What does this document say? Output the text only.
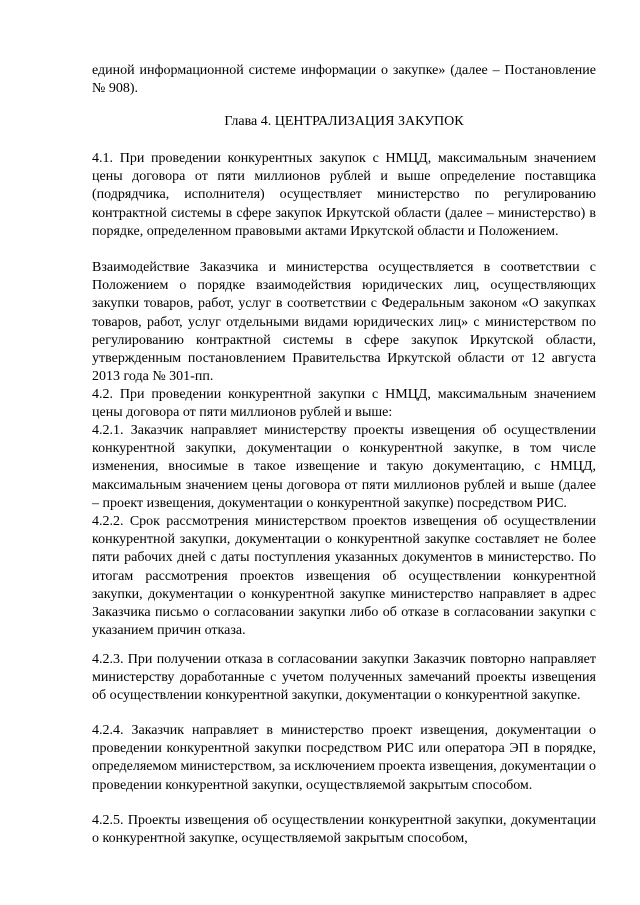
единой информационной системе информации о закупке» (далее – Постановление № 908).
Глава 4. ЦЕНТРАЛИЗАЦИЯ ЗАКУПОК
4.1. При проведении конкурентных закупок с НМЦД, максимальным значением цены договора от пяти миллионов рублей и выше определение поставщика (подрядчика, исполнителя) осуществляет министерство по регулированию контрактной системы в сфере закупок Иркутской области (далее – министерство) в порядке, определенном правовыми актами Иркутской области и Положением.
Взаимодействие Заказчика и министерства осуществляется в соответствии с Положением о порядке взаимодействия юридических лиц, осуществляющих закупки товаров, работ, услуг в соответствии с Федеральным законом «О закупках товаров, работ, услуг отдельными видами юридических лиц» с министерством по регулированию контрактной системы в сфере закупок Иркутской области, утвержденным постановлением Правительства Иркутской области от 12 августа 2013 года № 301-пп.
4.2. При проведении конкурентной закупки с НМЦД, максимальным значением цены договора от пяти миллионов рублей и выше:
4.2.1. Заказчик направляет министерству проекты извещения об осуществлении конкурентной закупки, документации о конкурентной закупке, в том числе изменения, вносимые в такое извещение и такую документацию, с НМЦД, максимальным значением цены договора от пяти миллионов рублей и выше (далее – проект извещения, документации о конкурентной закупке) посредством РИС.
4.2.2. Срок рассмотрения министерством проектов извещения об осуществлении конкурентной закупки, документации о конкурентной закупке составляет не более пяти рабочих дней с даты поступления указанных документов в министерство. По итогам рассмотрения проектов извещения об осуществлении конкурентной закупки, документации о конкурентной закупке министерство направляет в адрес Заказчика письмо о согласовании закупки либо об отказе в согласовании закупки с указанием причин отказа.
4.2.3. При получении отказа в согласовании закупки Заказчик повторно направляет министерству доработанные с учетом полученных замечаний проекты извещения об осуществлении конкурентной закупки, документации о конкурентной закупке.
4.2.4. Заказчик направляет в министерство проект извещения, документации о проведении конкурентной закупки посредством РИС или оператора ЭП в порядке, определяемом министерством, за исключением проекта извещения, документации о проведении конкурентной закупки, осуществляемой закрытым способом.
4.2.5. Проекты извещения об осуществлении конкурентной закупки, документации о конкурентной закупке, осуществляемой закрытым способом,
